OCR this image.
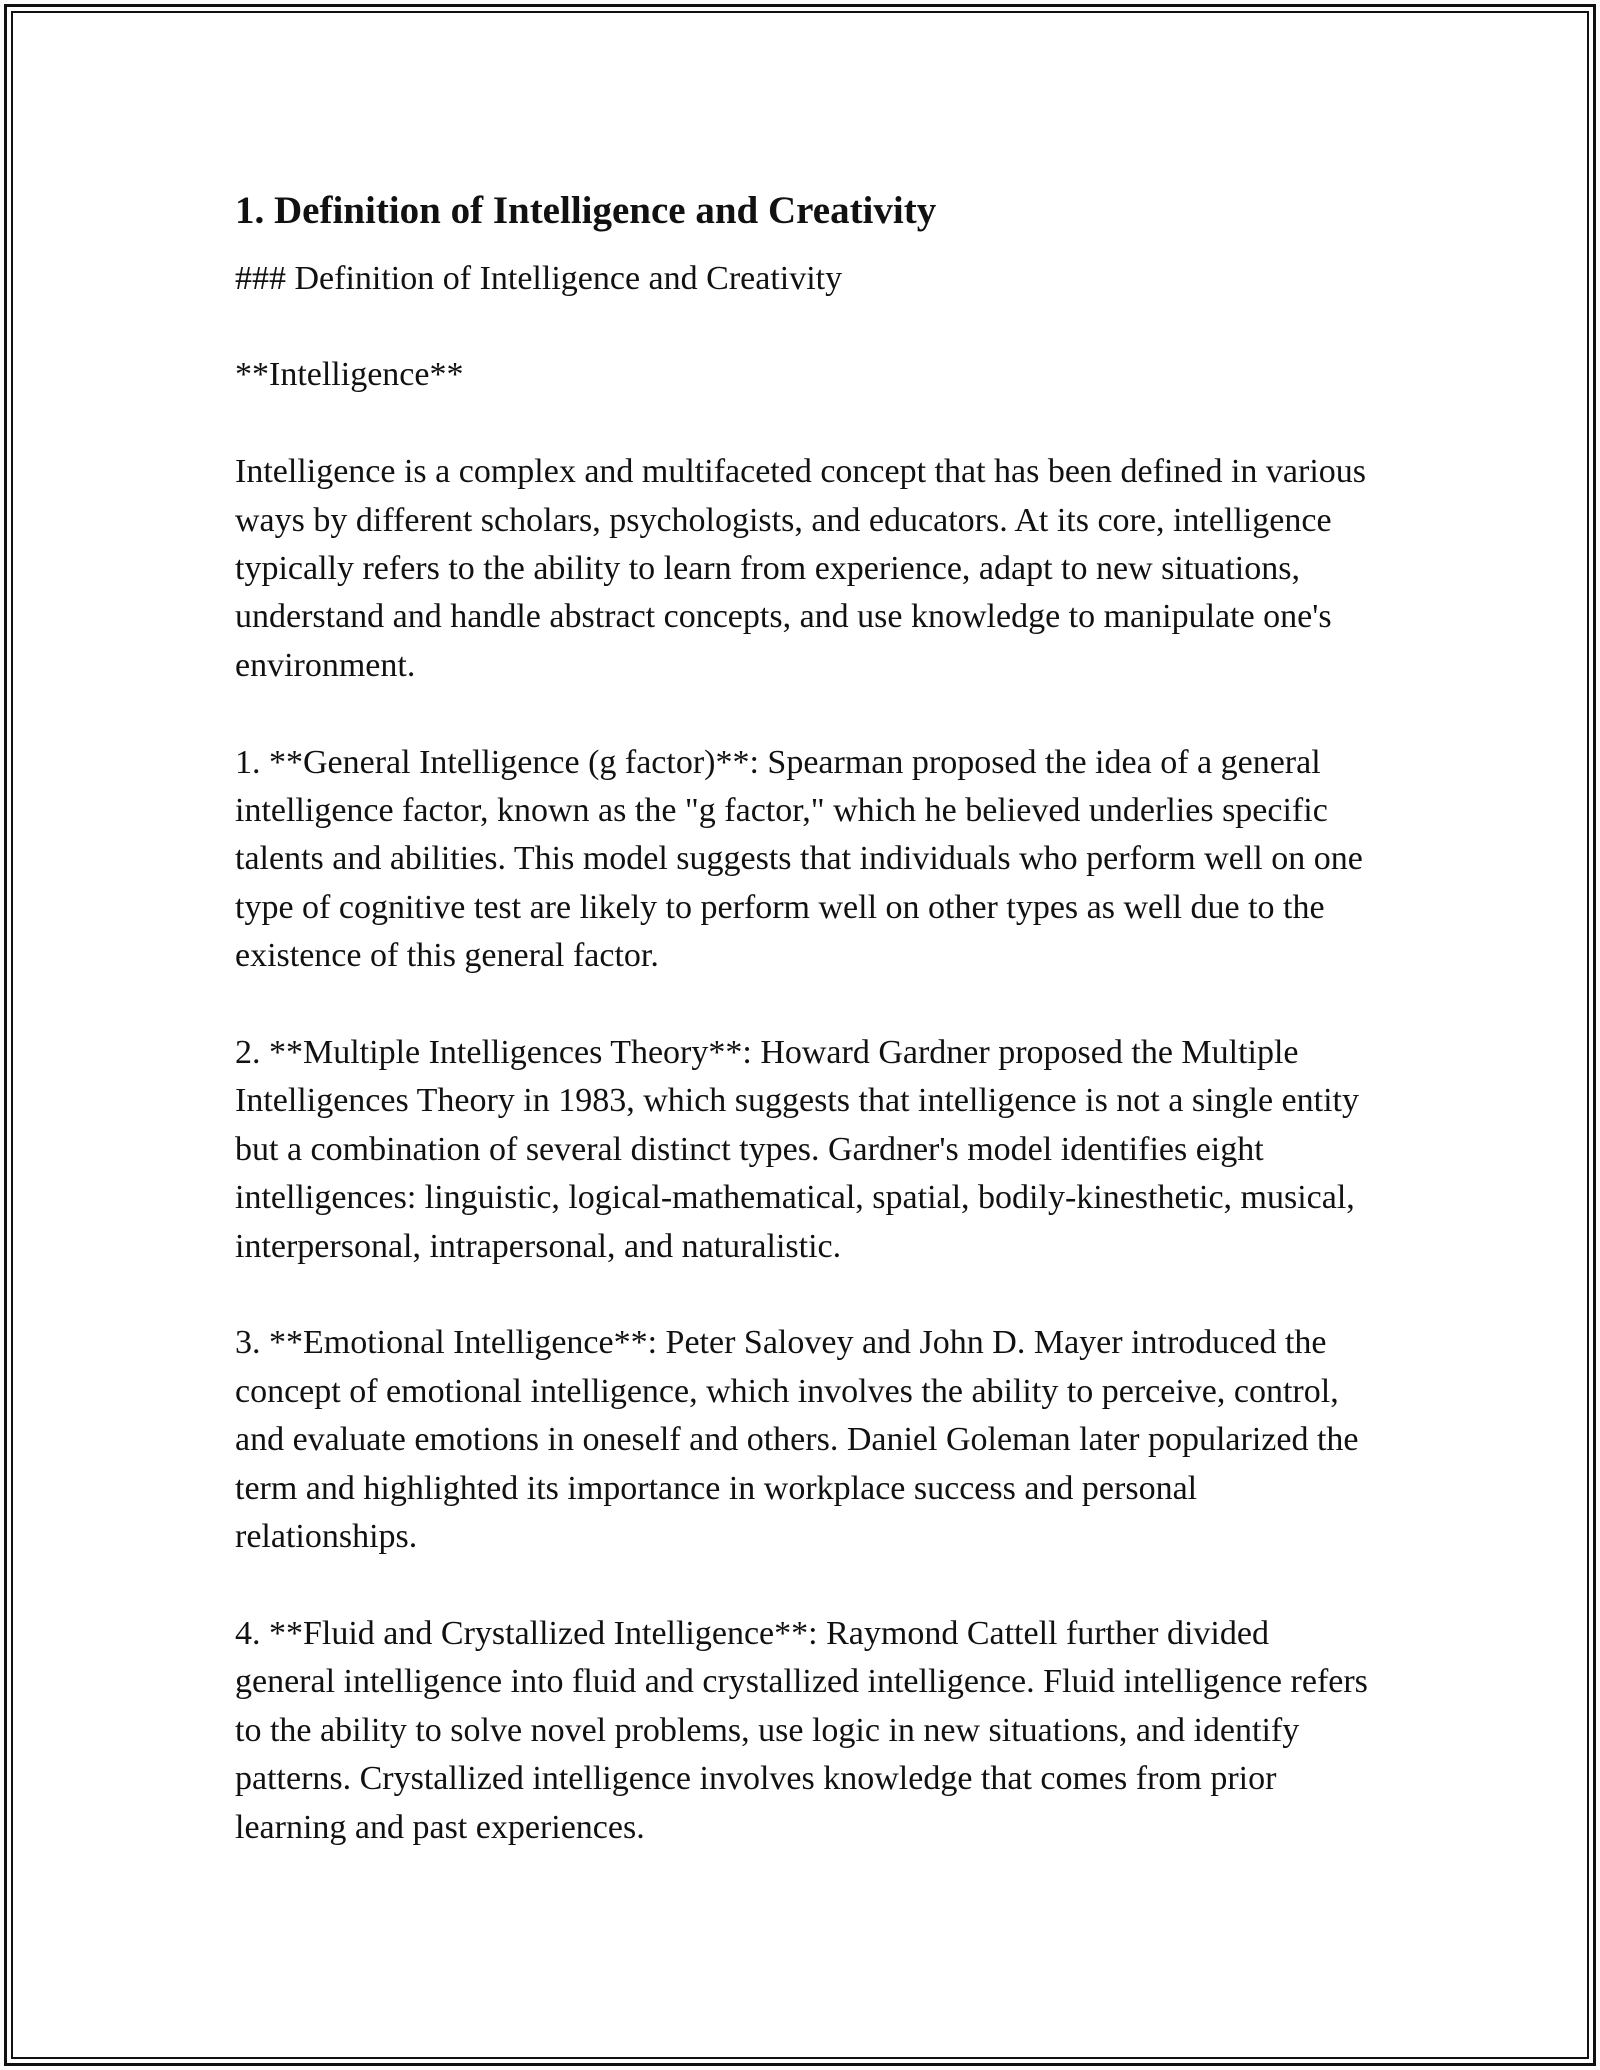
1. Definition of Intelligence and Creativity

### Definition of Intelligence and Creativity

**Intelligence**

Intelligence is a complex and multifaceted concept that has been defined in various ways by different scholars, psychologists, and educators. At its core, intelligence typically refers to the ability to learn from experience, adapt to new situations, understand and handle abstract concepts, and use knowledge to manipulate one's environment.

1. **General Intelligence (g factor)**: Spearman proposed the idea of a general intelligence factor, known as the "g factor," which he believed underlies specific talents and abilities. This model suggests that individuals who perform well on one type of cognitive test are likely to perform well on other types as well due to the existence of this general factor.

2. **Multiple Intelligences Theory**: Howard Gardner proposed the Multiple Intelligences Theory in 1983, which suggests that intelligence is not a single entity but a combination of several distinct types. Gardner's model identifies eight intelligences: linguistic, logical-mathematical, spatial, bodily-kinesthetic, musical, interpersonal, intrapersonal, and naturalistic.

3. **Emotional Intelligence**: Peter Salovey and John D. Mayer introduced the concept of emotional intelligence, which involves the ability to perceive, control, and evaluate emotions in oneself and others. Daniel Goleman later popularized the term and highlighted its importance in workplace success and personal relationships.

4. **Fluid and Crystallized Intelligence**: Raymond Cattell further divided general intelligence into fluid and crystallized intelligence. Fluid intelligence refers to the ability to solve novel problems, use logic in new situations, and identify patterns. Crystallized intelligence involves knowledge that comes from prior learning and past experiences.
